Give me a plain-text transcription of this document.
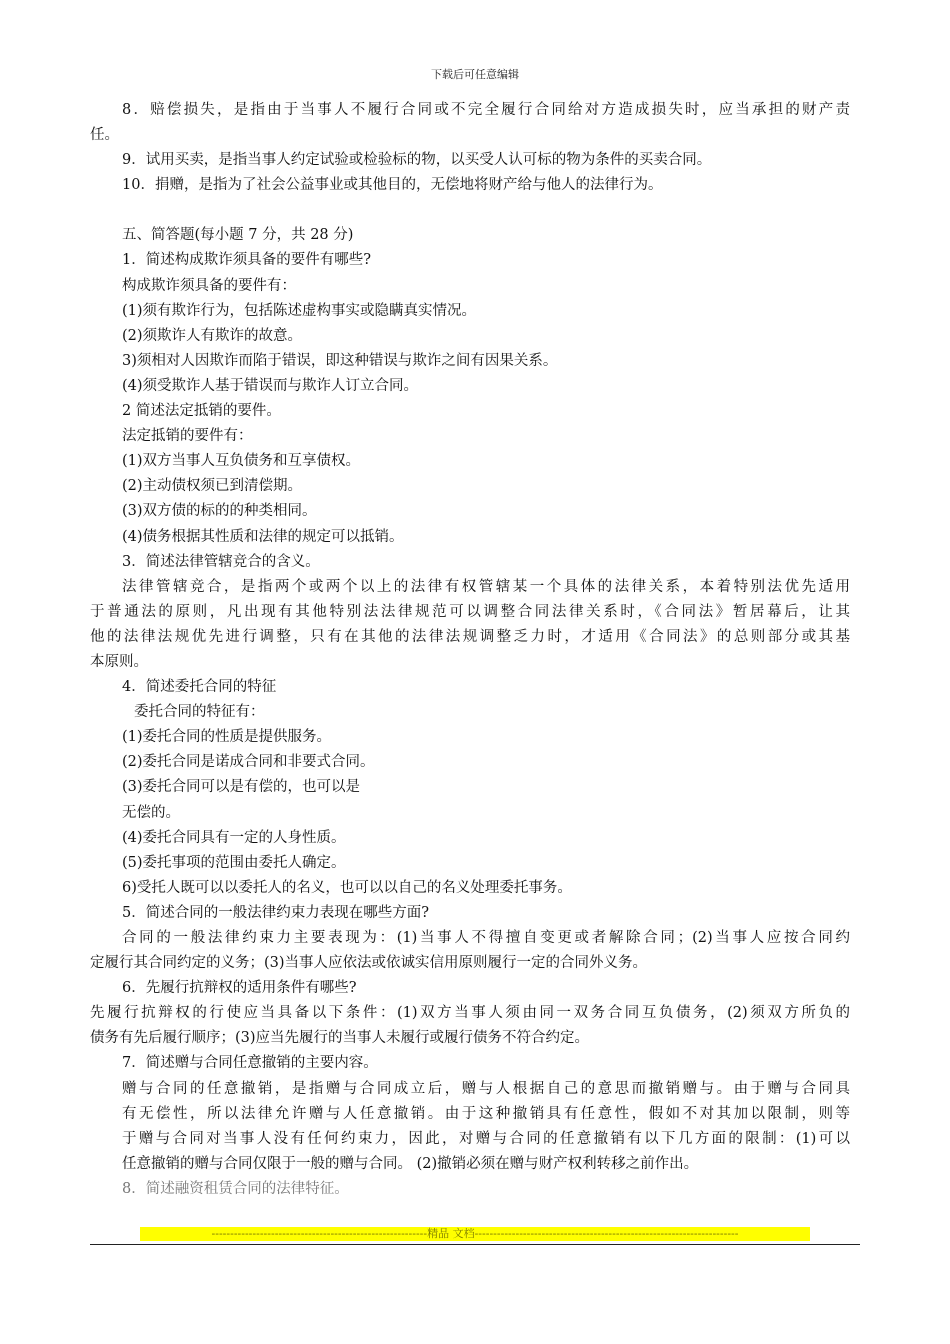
下载后可任意编辑
8．赔偿损失，是指由于当事人不履行合同或不完全履行合同给对方造成损失时，应当承担的财产责
任。
9．试用买卖，是指当事人约定试验或检验标的物，以买受人认可标的物为条件的买卖合同。
10．捐赠，是指为了社会公益事业或其他目的，无偿地将财产给与他人的法律行为。
五、简答题(每小题 7 分，共 28 分)
1．简述构成欺诈须具备的要件有哪些?
构成欺诈须具备的要件有：
(1)须有欺诈行为，包括陈述虚构事实或隐瞒真实情况。
(2)须欺诈人有欺诈的故意。
3)须相对人因欺诈而陷于错误，即这种错误与欺诈之间有因果关系。
(4)须受欺诈人基于错误而与欺诈人订立合同。
2 简述法定抵销的要件。
法定抵销的要件有：
(1)双方当事人互负债务和互享债权。
(2)主动债权须已到清偿期。
(3)双方债的标的的种类相同。
(4)债务根据其性质和法律的规定可以抵销。
3．简述法律管辖竞合的含义。
法律管辖竞合，是指两个或两个以上的法律有权管辖某一个具体的法律关系，本着特别法优先适用
于普通法的原则，凡出现有其他特别法法律规范可以调整合同法律关系时，《合同法》暂居幕后，让其
他的法律法规优先进行调整，只有在其他的法律法规调整乏力时，才适用《合同法》的总则部分或其基
本原则。
4．简述委托合同的特征
委托合同的特征有：
(1)委托合同的性质是提供服务。
(2)委托合同是诺成合同和非要式合同。
(3)委托合同可以是有偿的，也可以是
无偿的。
(4)委托合同具有一定的人身性质。
(5)委托事项的范围由委托人确定。
6)受托人既可以以委托人的名义，也可以以自己的名义处理委托事务。
5．简述合同的一般法律约束力表现在哪些方面?
合同的一般法律约束力主要表现为：(1)当事人不得擅自变更或者解除合同；(2)当事人应按合同约
定履行其合同约定的义务；(3)当事人应依法或依诚实信用原则履行一定的合同外义务。
6．先履行抗辩权的适用条件有哪些?
先履行抗辩权的行使应当具备以下条件：(1)双方当事人须由同一双务合同互负债务，(2)须双方所负的
债务有先后履行顺序；(3)应当先履行的当事人未履行或履行债务不符合约定。
7．简述赠与合同任意撤销的主要内容。
赠与合同的任意撤销，是指赠与合同成立后，赠与人根据自己的意思而撤销赠与。由于赠与合同具
有无偿性，所以法律允许赠与人任意撤销。由于这种撤销具有任意性，假如不对其加以限制，则等
于赠与合同对当事人没有任何约束力，因此，对赠与合同的任意撤销有以下几方面的限制：(1)可以
任意撤销的赠与合同仅限于一般的赠与合同。 (2)撤销必须在赠与财产权利转移之前作出。
8．简述融资租赁合同的法律特征。
----------------------------------------------------------精品 文档-----------------------------------------------------------------------
